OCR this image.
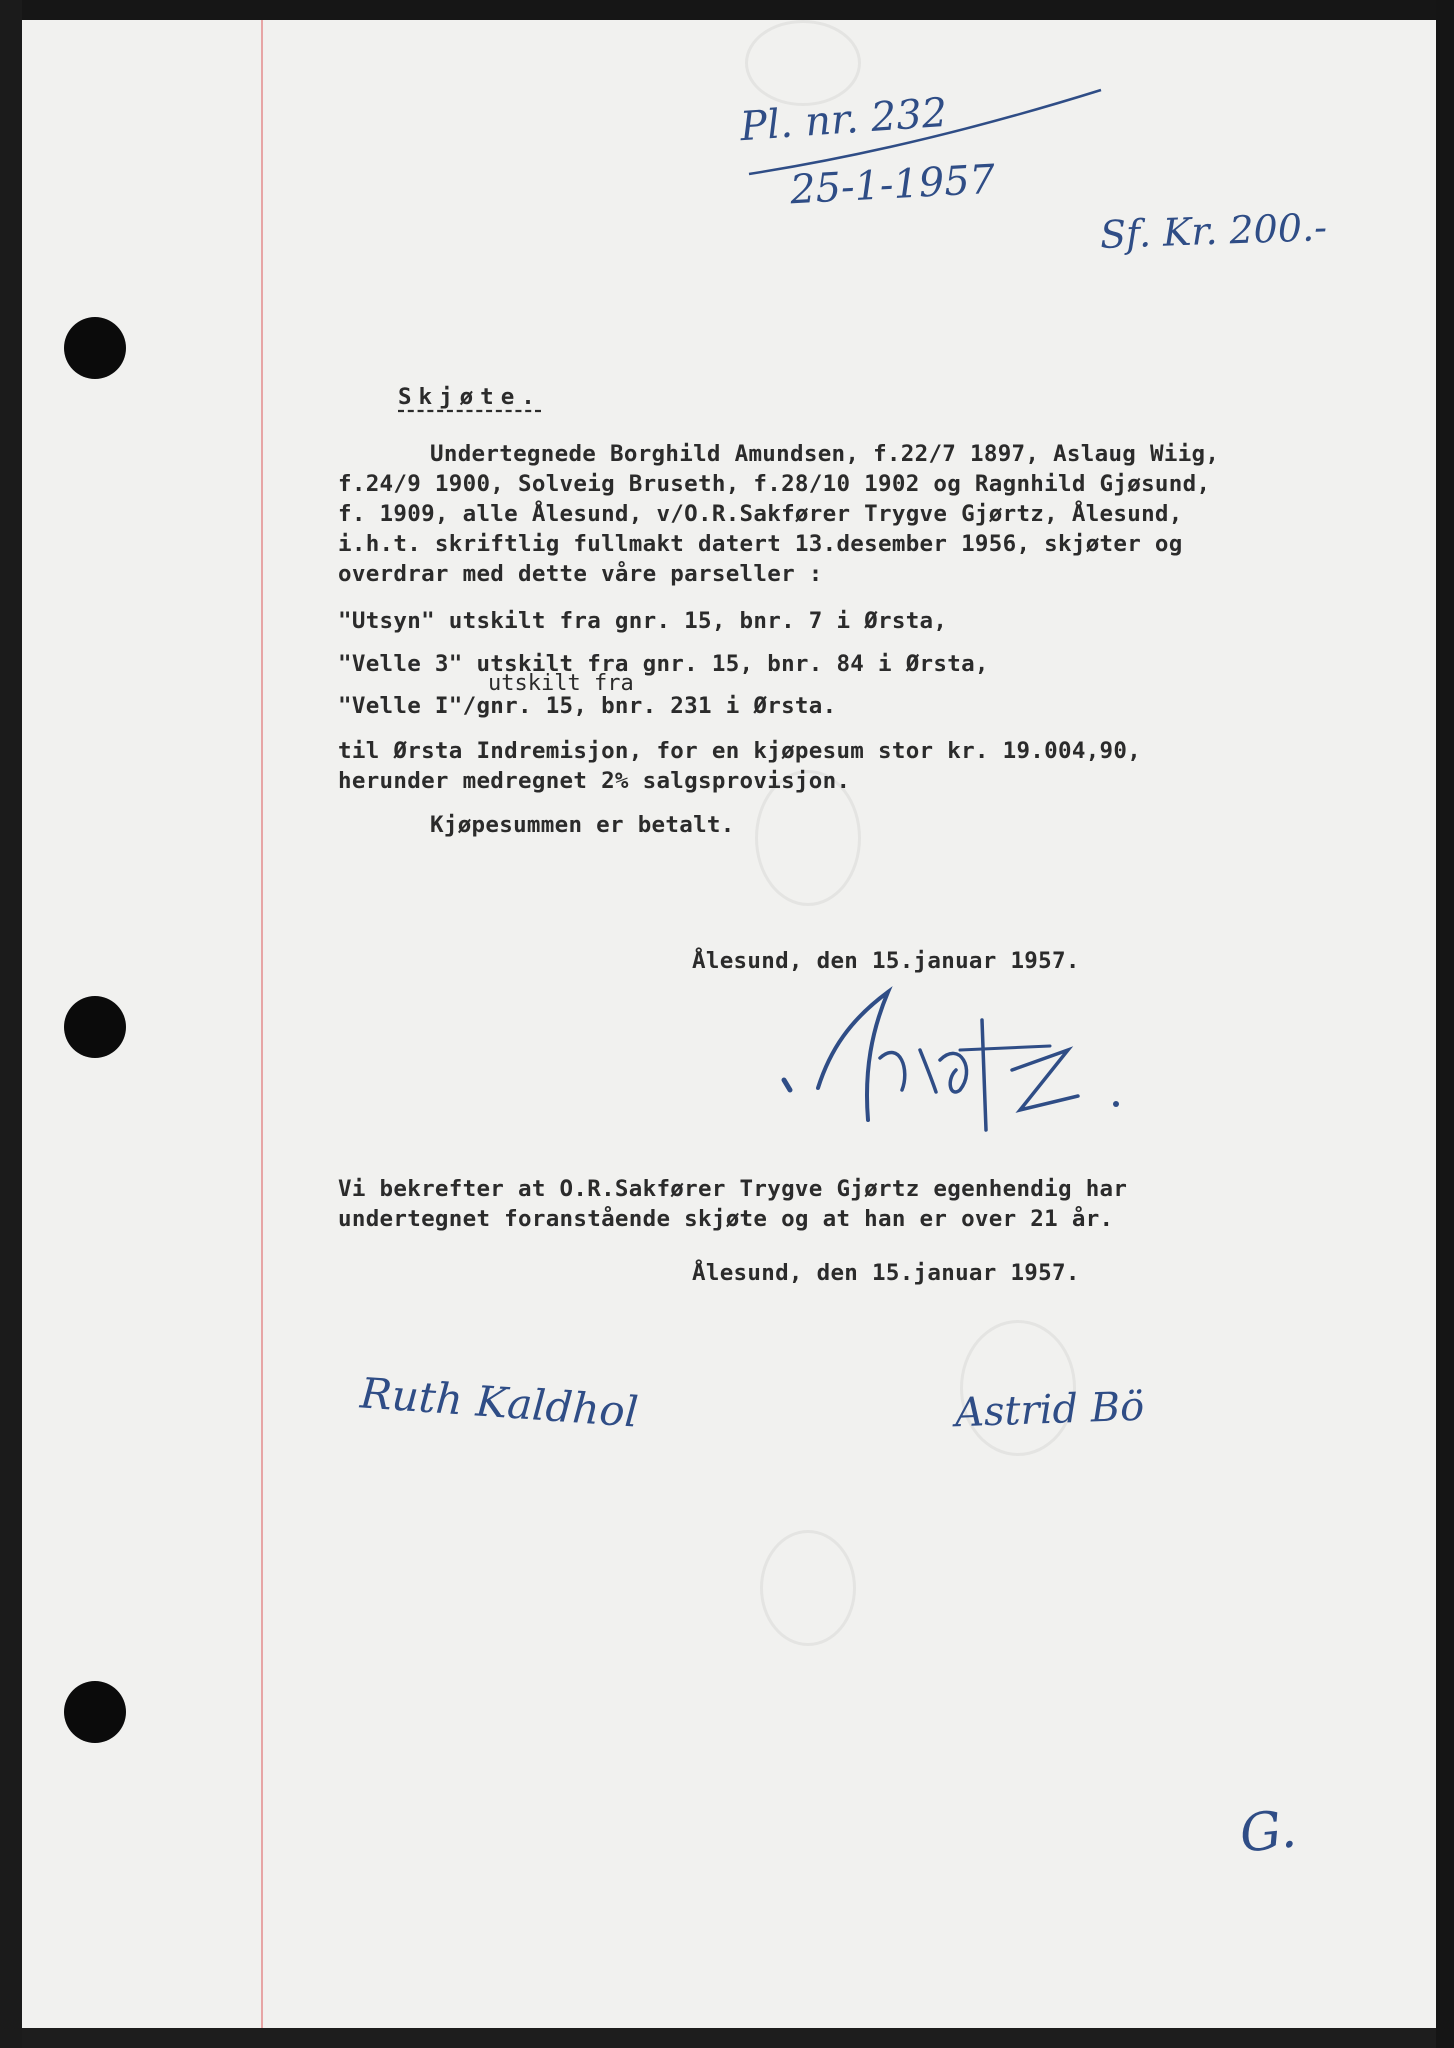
Pl. nr. 232
25-1-1957
Sf. Kr. 200.-
Skjøte.
Undertegnede Borghild Amundsen, f.22/7 1897, Aslaug Wiig,
f.24/9 1900, Solveig Bruseth, f.28/10 1902 og Ragnhild Gjøsund,
f. 1909, alle Ålesund, v/O.R.Sakfører Trygve Gjørtz, Ålesund,
i.h.t. skriftlig fullmakt datert 13.desember 1956, skjøter og
overdrar med dette våre parseller :
"Utsyn" utskilt fra gnr. 15, bnr. 7 i Ørsta,
"Velle 3" utskilt fra gnr. 15, bnr. 84 i Ørsta,
utskilt fra
"Velle I"/gnr. 15, bnr. 231 i Ørsta.
til Ørsta Indremisjon, for en kjøpesum stor kr. 19.004,90,
herunder medregnet 2% salgsprovisjon.
Kjøpesummen er betalt.
Ålesund, den 15.januar 1957.
Vi bekrefter at O.R.Sakfører Trygve Gjørtz egenhendig har
undertegnet foranstående skjøte og at han er over 21 år.
Ålesund, den 15.januar 1957.
Ruth Kaldhol	Astrid Bö
G.
